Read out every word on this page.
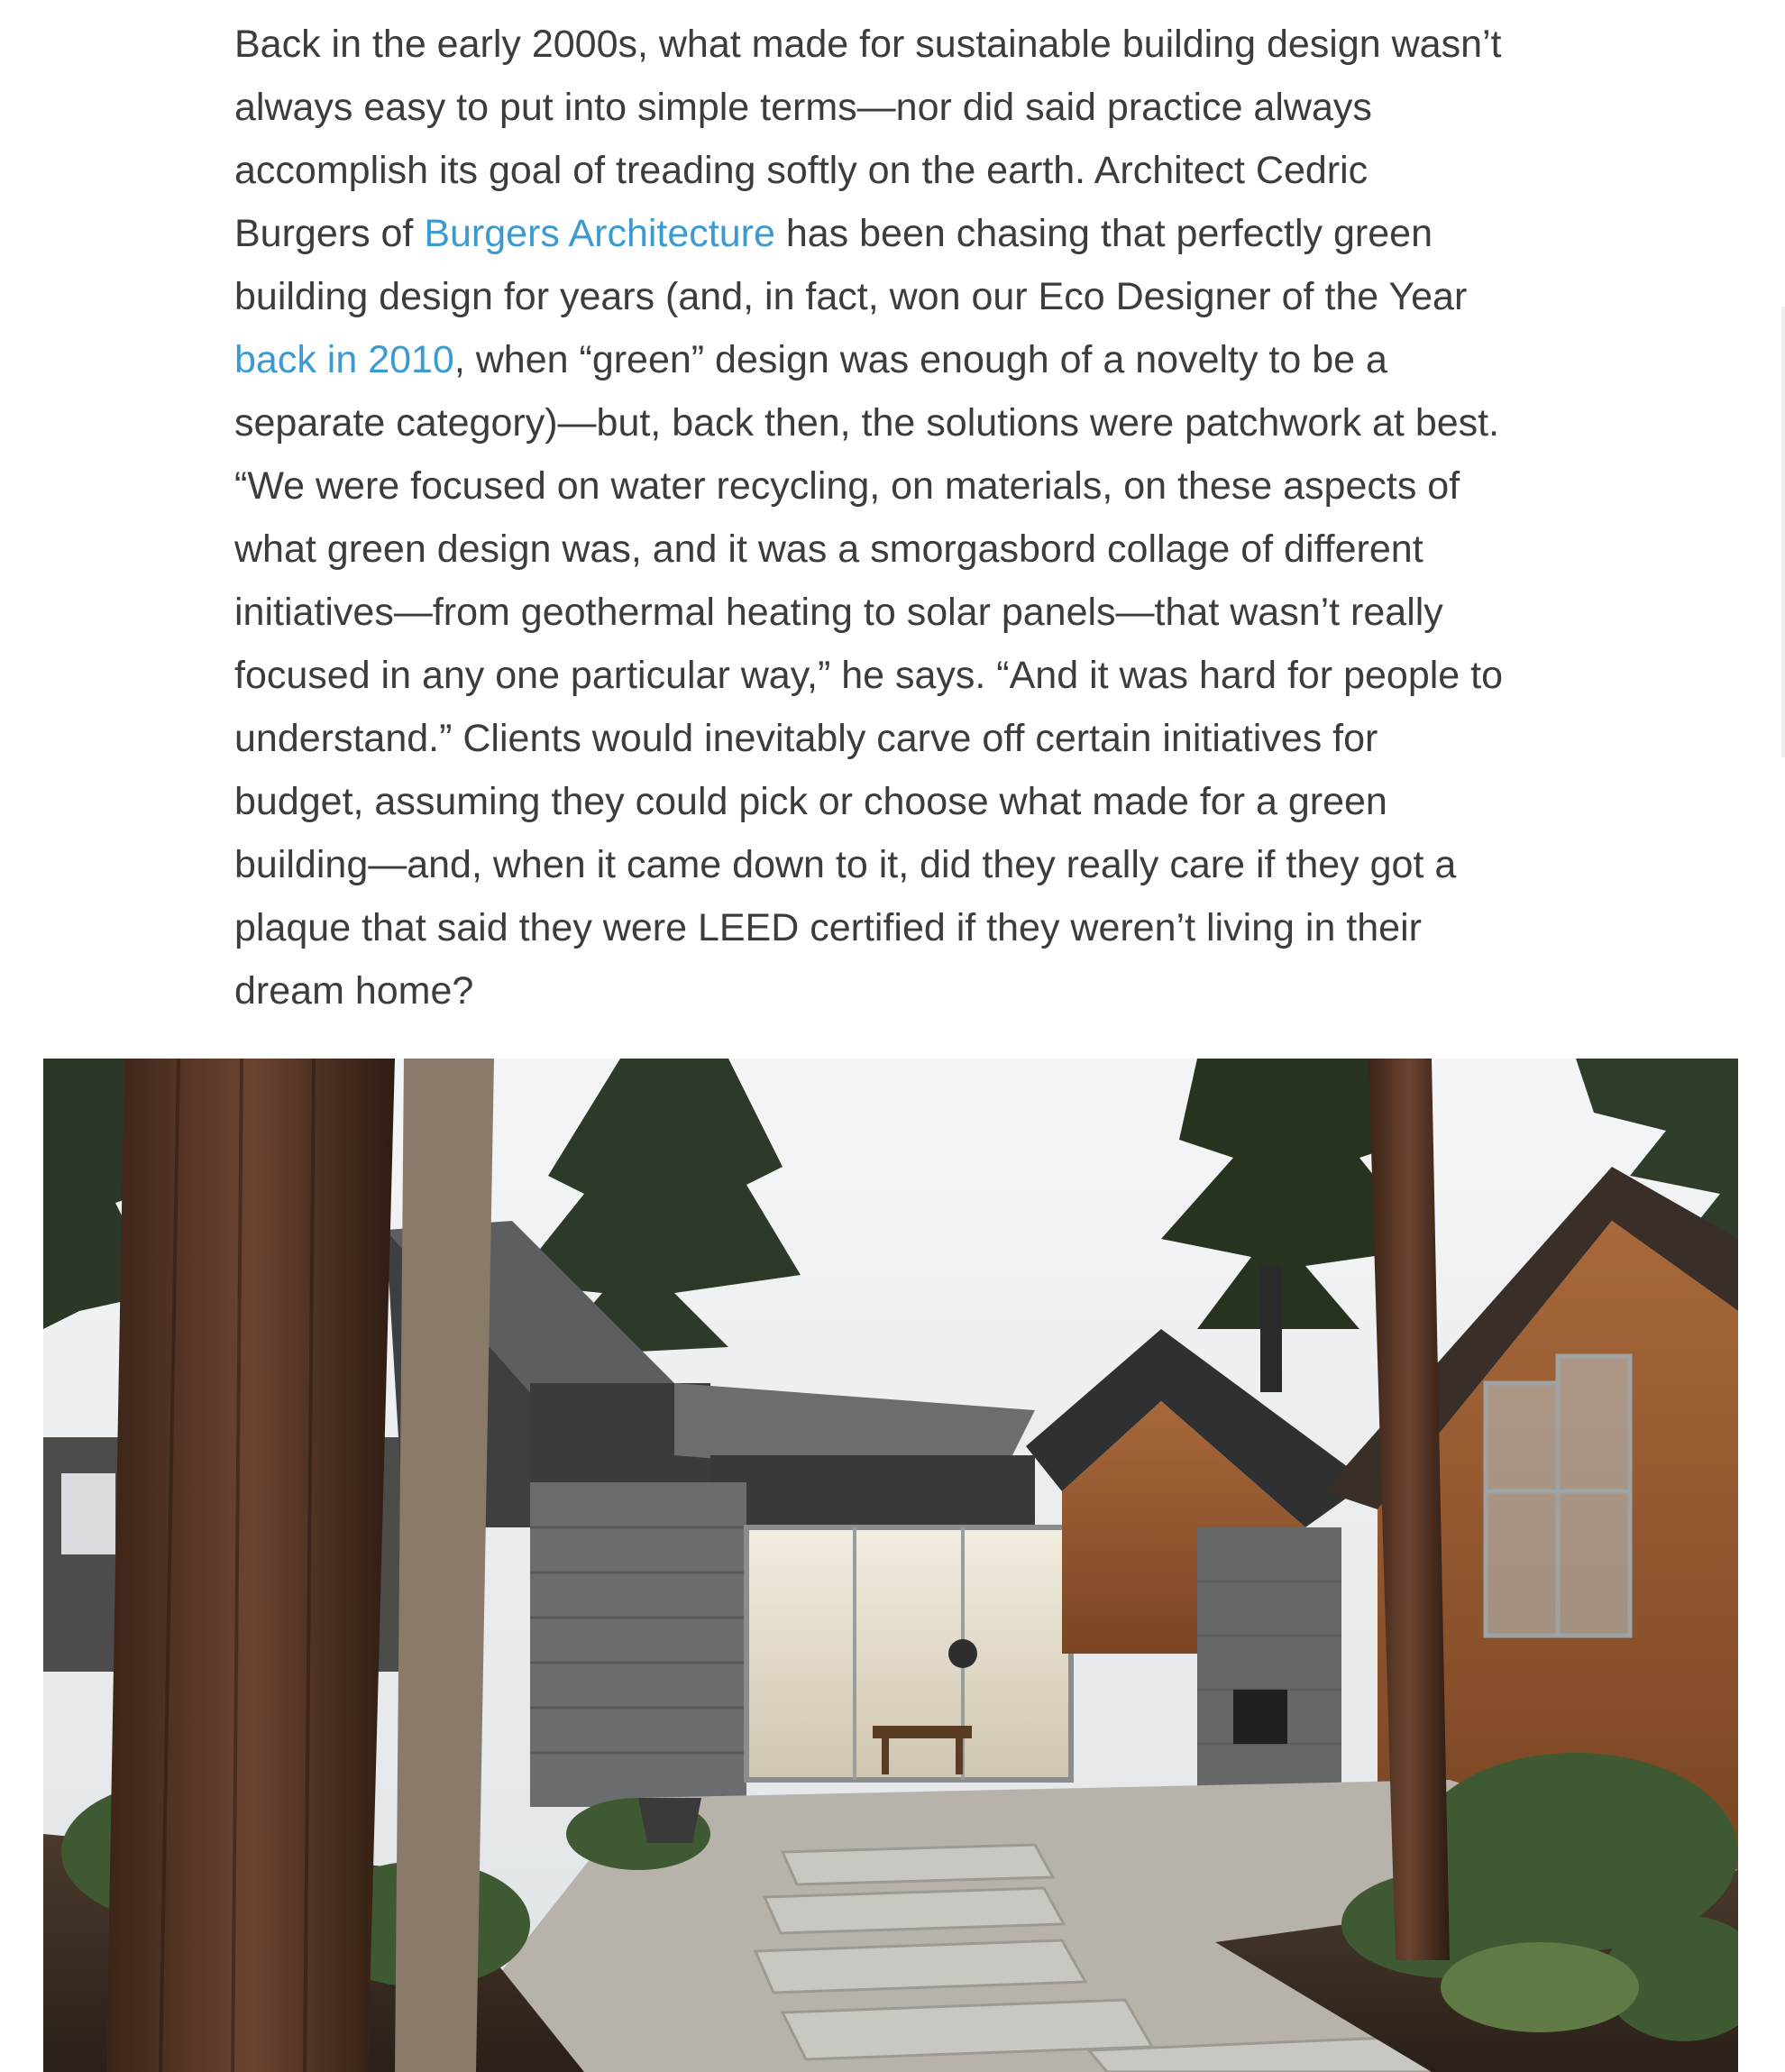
Back in the early 2000s, what made for sustainable building design wasn’t
always easy to put into simple terms—nor did said practice always
accomplish its goal of treading softly on the earth. Architect Cedric
Burgers of Burgers Architecture has been chasing that perfectly green
building design for years (and, in fact, won our Eco Designer of the Year
back in 2010, when “green” design was enough of a novelty to be a
separate category)—but, back then, the solutions were patchwork at best.
“We were focused on water recycling, on materials, on these aspects of
what green design was, and it was a smorgasbord collage of different
initiatives—from geothermal heating to solar panels—that wasn’t really
focused in any one particular way,” he says. “And it was hard for people to
understand.” Clients would inevitably carve off certain initiatives for
budget, assuming they could pick or choose what made for a green
building—and, when it came down to it, did they really care if they got a
plaque that said they were LEED certified if they weren’t living in their
dream home?
